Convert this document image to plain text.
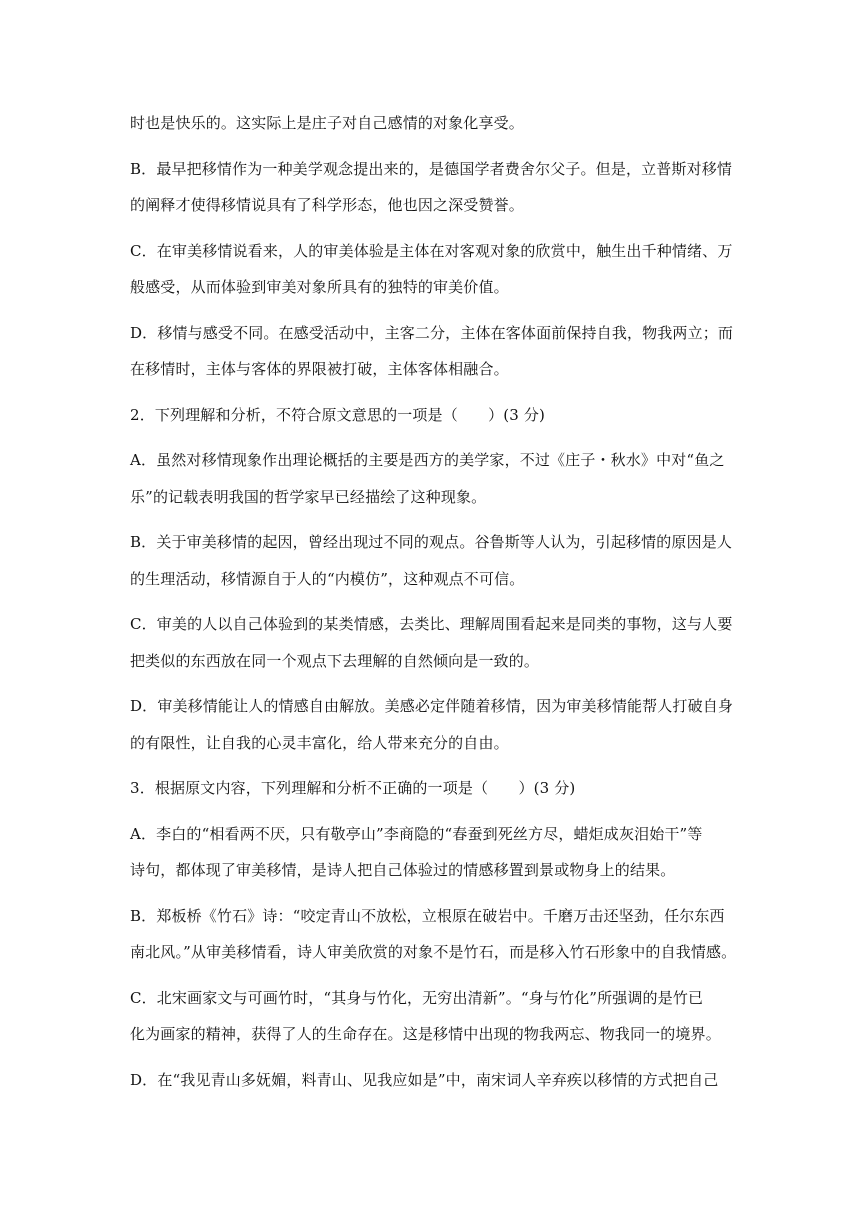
时也是快乐的。这实际上是庄子对自己感情的对象化享受。
B．最早把移情作为一种美学观念提出来的，是德国学者费舍尔父子。但是，立普斯对移情
的阐释才使得移情说具有了科学形态，他也因之深受赞誉。
C．在审美移情说看来，人的审美体验是主体在对客观对象的欣赏中，触生出千种情绪、万
般感受，从而体验到审美对象所具有的独特的审美价值。
D．移情与感受不同。在感受活动中，主客二分，主体在客体面前保持自我，物我两立；而
在移情时，主体与客体的界限被打破，主体客体相融合。
2．下列理解和分析，不符合原文意思的一项是（　　）(3 分)
A．虽然对移情现象作出理论概括的主要是西方的美学家，不过《庄子・秋水》中对“鱼之
乐”的记载表明我国的哲学家早已经描绘了这种现象。
B．关于审美移情的起因，曾经出现过不同的观点。谷鲁斯等人认为，引起移情的原因是人
的生理活动，移情源自于人的“内模仿”，这种观点不可信。
C．审美的人以自己体验到的某类情感，去类比、理解周围看起来是同类的事物，这与人要
把类似的东西放在同一个观点下去理解的自然倾向是一致的。
D．审美移情能让人的情感自由解放。美感必定伴随着移情，因为审美移情能帮人打破自身
的有限性，让自我的心灵丰富化，给人带来充分的自由。
3．根据原文内容，下列理解和分析不正确的一项是（　　）(3 分)
A．李白的“相看两不厌，只有敬亭山”李商隐的“春蚕到死丝方尽，蜡炬成灰泪始干”等
诗句，都体现了审美移情，是诗人把自己体验过的情感移置到景或物身上的结果。
B．郑板桥《竹石》诗：“咬定青山不放松，立根原在破岩中。千磨万击还坚劲，任尔东西
南北风。”从审美移情看，诗人审美欣赏的对象不是竹石，而是移入竹石形象中的自我情感。
C．北宋画家文与可画竹时，“其身与竹化，无穷出清新”。“身与竹化”所强调的是竹已
化为画家的精神，获得了人的生命存在。这是移情中出现的物我两忘、物我同一的境界。
D．在“我见青山多妩媚，料青山、见我应如是”中，南宋词人辛弃疾以移情的方式把自己
